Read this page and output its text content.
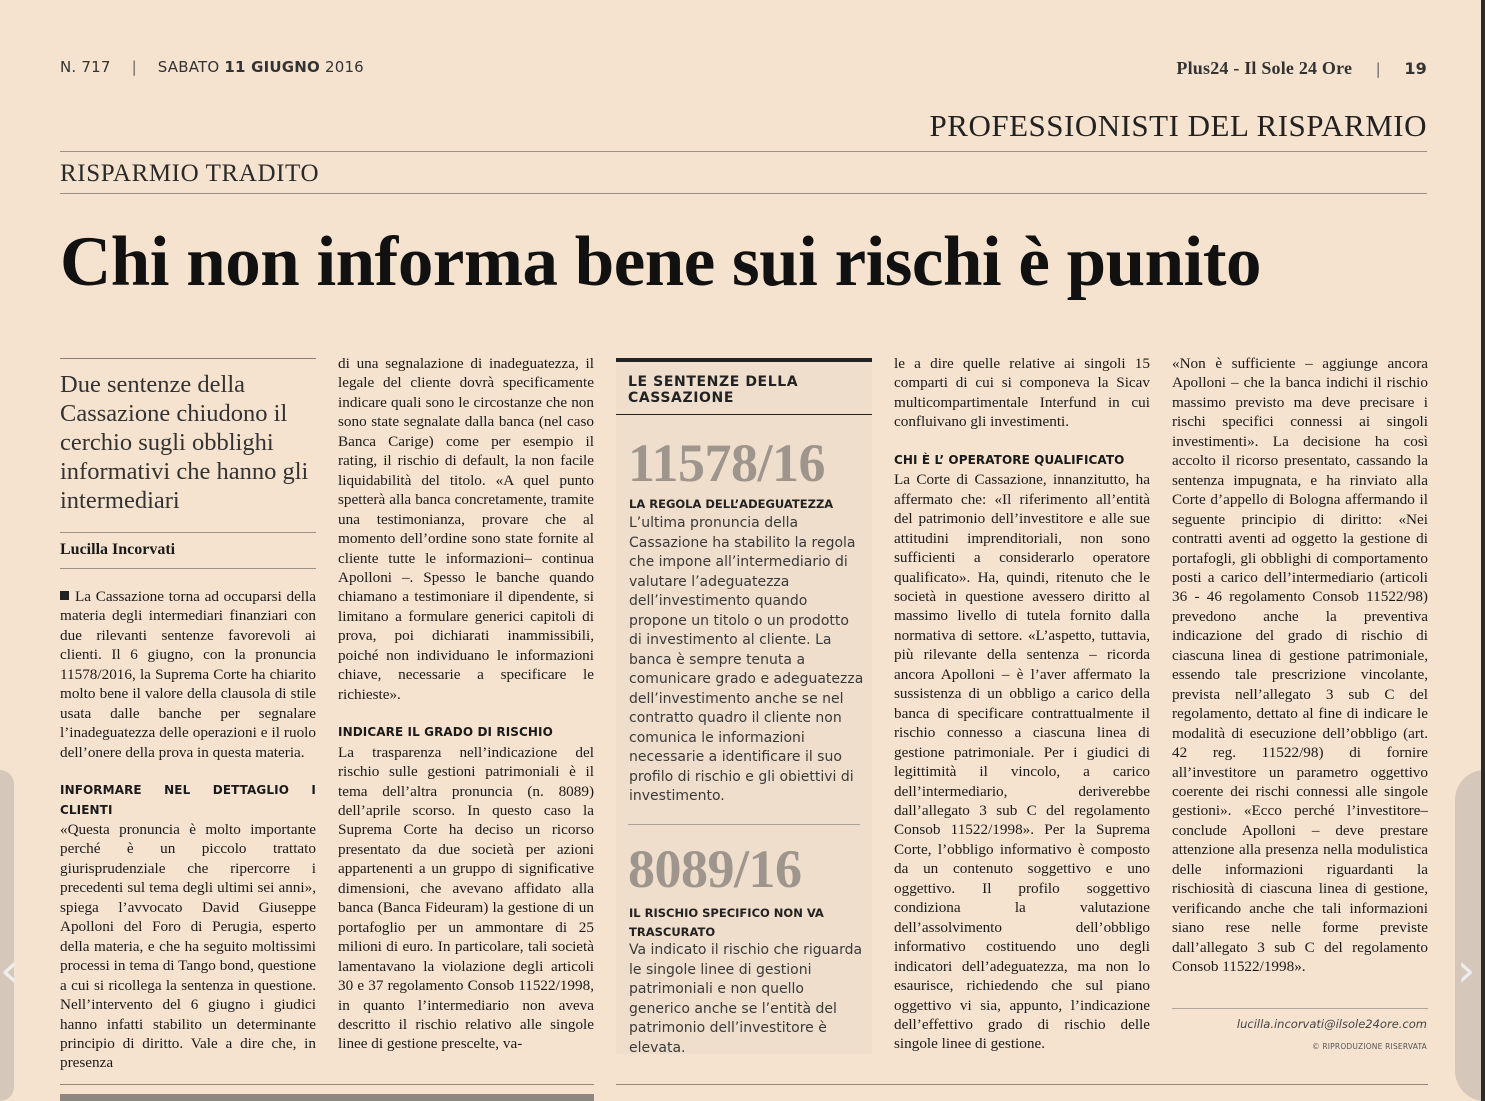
‹	›
N. 717 | SABATO 11 GIUGNO 2016	Plus24 - Il Sole 24 Ore | 19
PROFESSIONISTI DEL RISPARMIO
RISPARMIO TRADITO
Chi non informa bene sui rischi è punito
Due sentenze della Cassazione chiudono il cerchio sugli obblighi informativi che hanno gli intermediari
Lucilla Incorvati

La Cassazione torna ad occuparsi della materia degli intermediari finanziari con due rilevanti sentenze favorevoli ai clienti. Il 6 giugno, con la pronuncia 11578/2016, la Suprema Corte ha chiarito molto bene il valore della clausola di stile usata dalle banche per segnalare l’inadeguatezza delle operazioni e il ruolo dell’onere della prova in questa materia.

INFORMARE NEL DETTAGLIO I CLIENTI

«Questa pronuncia è molto importante perché è un piccolo trattato giurisprudenziale che ripercorre i precedenti sul tema degli ultimi sei anni», spiega l’avvocato David Giuseppe Apolloni del Foro di Perugia, esperto della materia, e che ha seguito moltissimi processi in tema di Tango bond, questione a cui si ricollega la sentenza in questione. Nell’intervento del 6 giugno i giudici hanno infatti stabilito un determinante principio di diritto. Vale a dire che, in presenza

di una segnalazione di inadeguatezza, il legale del cliente dovrà specificamente indicare quali sono le circostanze che non sono state segnalate dalla banca (nel caso Banca Carige) come per esempio il rating, il rischio di default, la non facile liquidabilità del titolo. «A quel punto spetterà alla banca concretamente, tramite una testimonianza, provare che al momento dell’ordine sono state fornite al cliente tutte le informazioni– continua Apolloni –. Spesso le banche quando chiamano a testimoniare il dipendente, si limitano a formulare generici capitoli di prova, poi dichiarati inammissibili, poiché non individuano le informazioni chiave, necessarie a specificare le richieste».

INDICARE IL GRADO DI RISCHIO

La trasparenza nell’indicazione del rischio sulle gestioni patrimoniali è il tema dell’altra pronuncia (n. 8089) dell’aprile scorso. In questo caso la Suprema Corte ha deciso un ricorso presentato da due società per azioni appartenenti a un gruppo di significative dimensioni, che avevano affidato alla banca (Banca Fideuram) la gestione di un portafoglio per un ammontare di 25 milioni di euro. In particolare, tali società lamentavano la violazione degli articoli 30 e 37 regolamento Consob 11522/1998, in quanto l’intermediario non aveva descritto il rischio relativo alle singole linee di gestione prescelte, va-

LE SENTENZE DELLA CASSAZIONE
11578/16
LA REGOLA DELL’ADEGUATEZZA
L’ultima pronuncia della Cassazione ha stabilito la regola che impone all’intermediario di valutare l’adeguatezza dell’investimento quando propone un titolo o un prodotto di investimento al cliente. La banca è sempre tenuta a comunicare grado e adeguatezza dell’investimento anche se nel contratto quadro il cliente non comunica le informazioni necessarie a identificare il suo profilo di rischio e gli obiettivi di investimento.
8089/16
IL RISCHIO SPECIFICO NON VA TRASCURATO
Va indicato il rischio che riguarda le singole linee di gestioni patrimoniali e non quello generico anche se l’entità del patrimonio dell’investitore è elevata.

le a dire quelle relative ai singoli 15 comparti di cui si componeva la Sicav multicompartimentale Interfund in cui confluivano gli investimenti.

CHI È L’ OPERATORE QUALIFICATO

La Corte di Cassazione, innanzitutto, ha affermato che: «Il riferimento all’entità del patrimonio dell’investitore e alle sue attitudini imprenditoriali, non sono sufficienti a considerarlo operatore qualificato». Ha, quindi, ritenuto che le società in questione avessero diritto al massimo livello di tutela fornito dalla normativa di settore. «L’aspetto, tuttavia, più rilevante della sentenza – ricorda ancora Apolloni – è l’aver affermato la sussistenza di un obbligo a carico della banca di specificare contrattualmente il rischio connesso a ciascuna linea di gestione patrimoniale. Per i giudici di legittimità il vincolo, a carico dell’intermediario, deriverebbe dall’allegato 3 sub C del regolamento Consob 11522/1998». Per la Suprema Corte, l’obbligo informativo è composto da un contenuto soggettivo e uno oggettivo. Il profilo soggettivo condiziona la valutazione dell’assolvimento dell’obbligo informativo costituendo uno degli indicatori dell’adeguatezza, ma non lo esaurisce, richiedendo che sul piano oggettivo vi sia, appunto, l’indicazione dell’effettivo grado di rischio delle singole linee di gestione.

«Non è sufficiente – aggiunge ancora Apolloni – che la banca indichi il rischio massimo previsto ma deve precisare i rischi specifici connessi ai singoli investimenti». La decisione ha così accolto il ricorso presentato, cassando la sentenza impugnata, e ha rinviato alla Corte d’appello di Bologna affermando il seguente principio di diritto: «Nei contratti aventi ad oggetto la gestione di portafogli, gli obblighi di comportamento posti a carico dell’intermediario (articoli 36 - 46 regolamento Consob 11522/98) prevedono anche la preventiva indicazione del grado di rischio di ciascuna linea di gestione patrimoniale, essendo tale prescrizione vincolante, prevista nell’allegato 3 sub C del regolamento, dettato al fine di indicare le modalità di esecuzione dell’obbligo (art. 42 reg. 11522/98) di fornire all’investitore un parametro oggettivo coerente dei rischi connessi alle singole gestioni». «Ecco perché l’investitore– conclude Apolloni – deve prestare attenzione alla presenza nella modulistica delle informazioni riguardanti la rischiosità di ciascuna linea di gestione, verificando anche che tali informazioni siano rese nelle forme previste dall’allegato 3 sub C del regolamento Consob 11522/1998».

lucilla.incorvati@ilsole24ore.com
© RIPRODUZIONE RISERVATA
